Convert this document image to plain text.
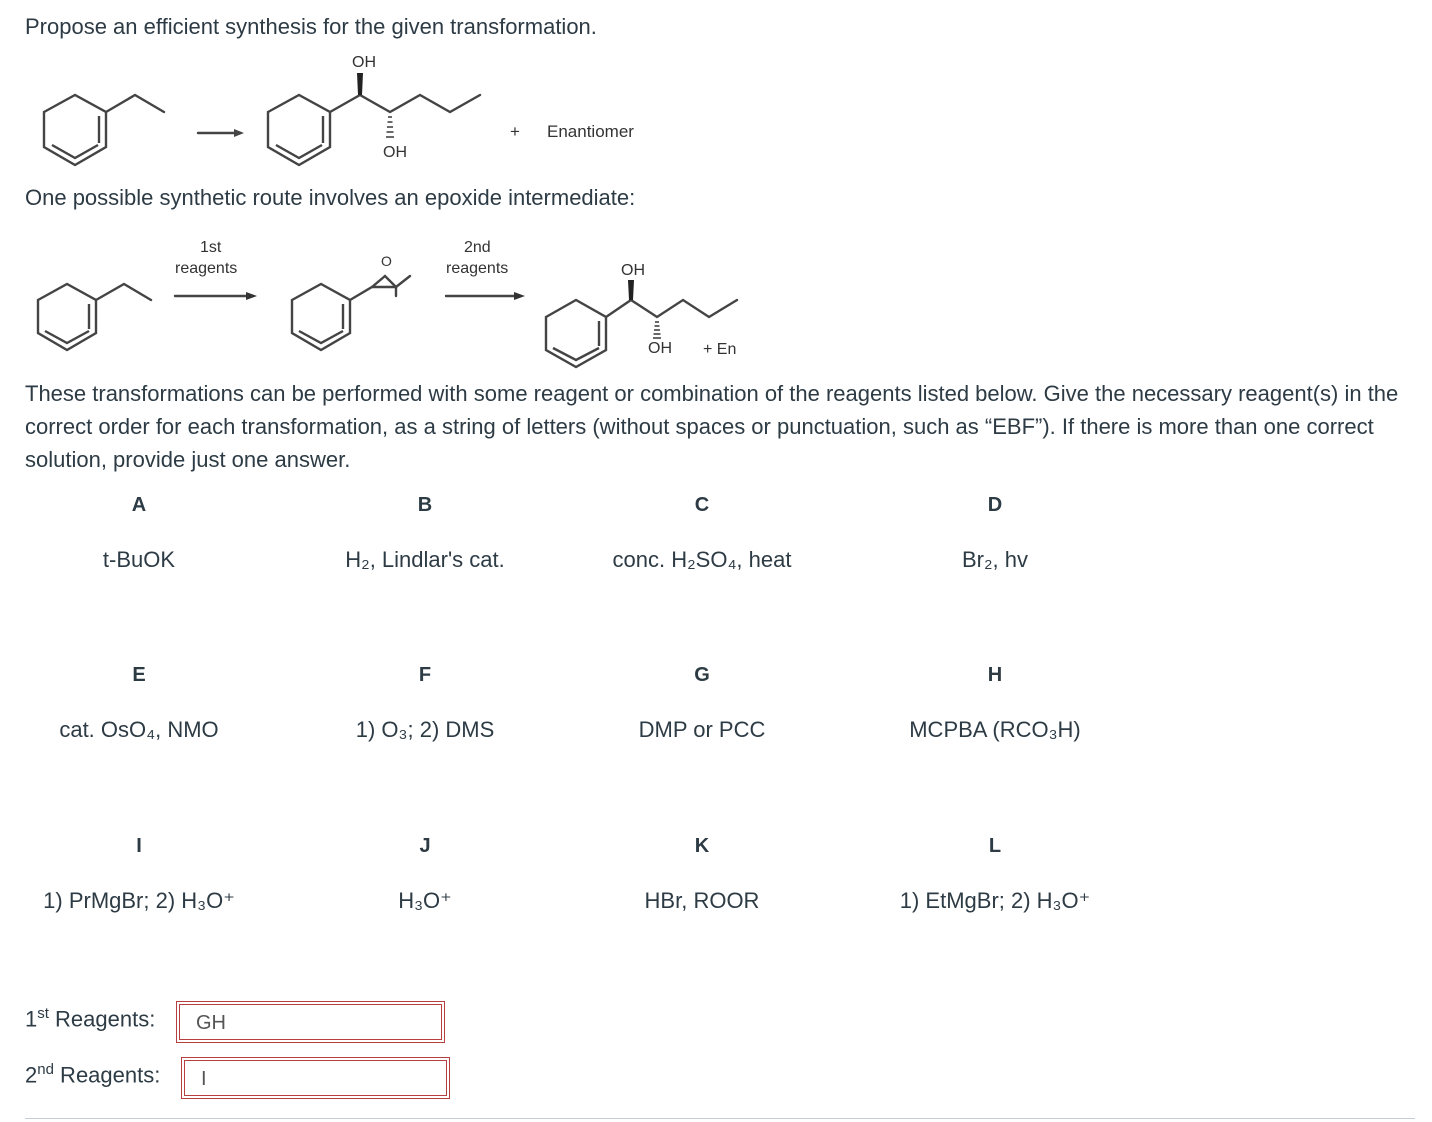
Propose an efficient synthesis for the given transformation.
OH
OH
+ Enantiomer
One possible synthetic route involves an epoxide intermediate:
1st
reagents	O
2nd
reagents	OH
OH + En
These transformations can be performed with some reagent or combination of the reagents listed below. Give the necessary reagent(s) in the correct order for each transformation, as a string of letters (without spaces or punctuation, such as “EBF”). If there is more than one correct solution, provide just one answer.
A
t-BuOK
B
H₂, Lindlar's cat.
C
conc. H₂SO₄, heat
D
Br₂, hv
E
cat. OsO₄, NMO
F
1) O₃; 2) DMS
G
DMP or PCC
H
MCPBA (RCO₃H)
I
1) PrMgBr; 2) H₃O⁺
J
H₃O⁺
K
HBr, ROOR
L
1) EtMgBr; 2) H₃O⁺
1st Reagents:	GH
2nd Reagents:	I
